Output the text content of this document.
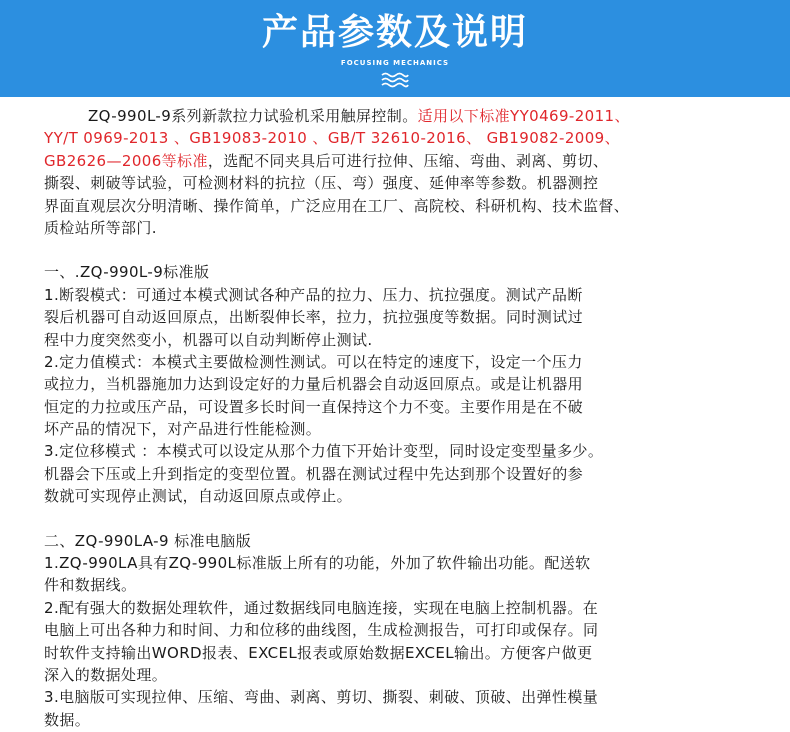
产品参数及说明
FOCUSING MECHANICS
ZQ-990L-9系列新款拉力试验机采用触屏控制。适用以下标准YY0469-2011、
YY/T 0969-2013 、GB19083-2010 、GB/T 32610-2016、 GB19082-2009、
GB2626—2006等标准，选配不同夹具后可进行拉伸、压缩、弯曲、剥离、剪切、
撕裂、刺破等试验，可检测材料的抗拉（压、弯）强度、延伸率等参数。机器测控
界面直观层次分明清晰、操作简单，广泛应用在工厂、高院校、科研机构、技术监督、
质检站所等部门.
一、.ZQ-990L-9标准版
1.断裂模式：可通过本模式测试各种产品的拉力、压力、抗拉强度。测试产品断
裂后机器可自动返回原点，出断裂伸长率，拉力，抗拉强度等数据。同时测试过
程中力度突然变小，机器可以自动判断停止测试.
2.定力值模式：本模式主要做检测性测试。可以在特定的速度下，设定一个压力
或拉力，当机器施加力达到设定好的力量后机器会自动返回原点。或是让机器用
恒定的力拉或压产品，可设置多长时间一直保持这个力不变。主要作用是在不破
坏产品的情况下，对产品进行性能检测。
3.定位移模式 ：本模式可以设定从那个力值下开始计变型，同时设定变型量多少。
机器会下压或上升到指定的变型位置。机器在测试过程中先达到那个设置好的参
数就可实现停止测试，自动返回原点或停止。
二、ZQ-990LA-9 标准电脑版
1.ZQ-990LA具有ZQ-990L标准版上所有的功能，外加了软件输出功能。配送软
件和数据线。
2.配有强大的数据处理软件，通过数据线同电脑连接，实现在电脑上控制机器。在
电脑上可出各种力和时间、力和位移的曲线图，生成检测报告，可打印或保存。同
时软件支持输出WORD报表、EXCEL报表或原始数据EXCEL输出。方便客户做更
深入的数据处理。
3.电脑版可实现拉伸、压缩、弯曲、剥离、剪切、撕裂、刺破、顶破、出弹性模量
数据。
